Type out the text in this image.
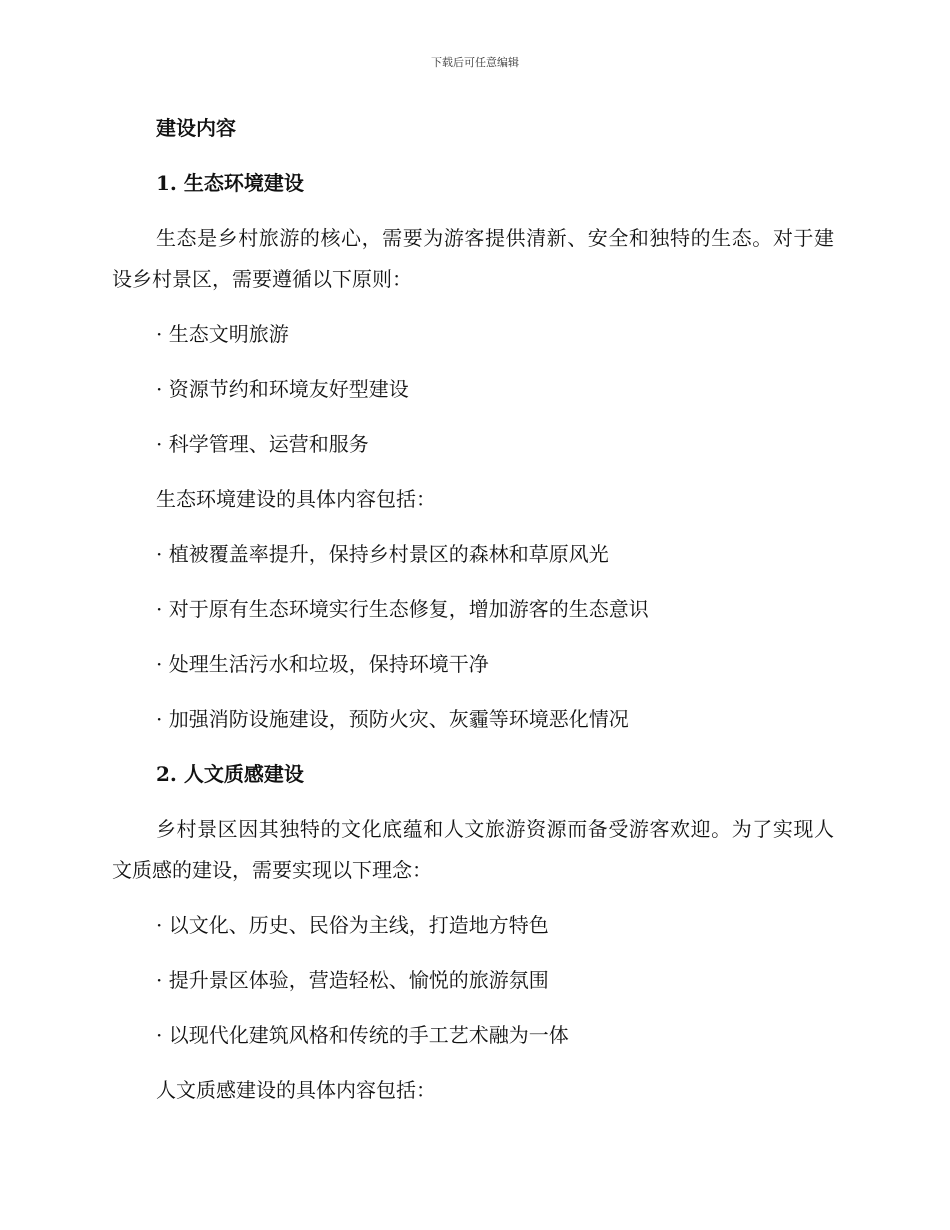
下载后可任意编辑

建设内容

1. 生态环境建设

生态是乡村旅游的核心，需要为游客提供清新、安全和独特的生态。对于建设乡村景区，需要遵循以下原则：

· 生态文明旅游

· 资源节约和环境友好型建设

· 科学管理、运营和服务

生态环境建设的具体内容包括：

· 植被覆盖率提升，保持乡村景区的森林和草原风光

· 对于原有生态环境实行生态修复，增加游客的生态意识

· 处理生活污水和垃圾，保持环境干净

· 加强消防设施建设，预防火灾、灰霾等环境恶化情况

2. 人文质感建设

乡村景区因其独特的文化底蕴和人文旅游资源而备受游客欢迎。为了实现人文质感的建设，需要实现以下理念：

· 以文化、历史、民俗为主线，打造地方特色

· 提升景区体验，营造轻松、愉悦的旅游氛围

· 以现代化建筑风格和传统的手工艺术融为一体

人文质感建设的具体内容包括：
